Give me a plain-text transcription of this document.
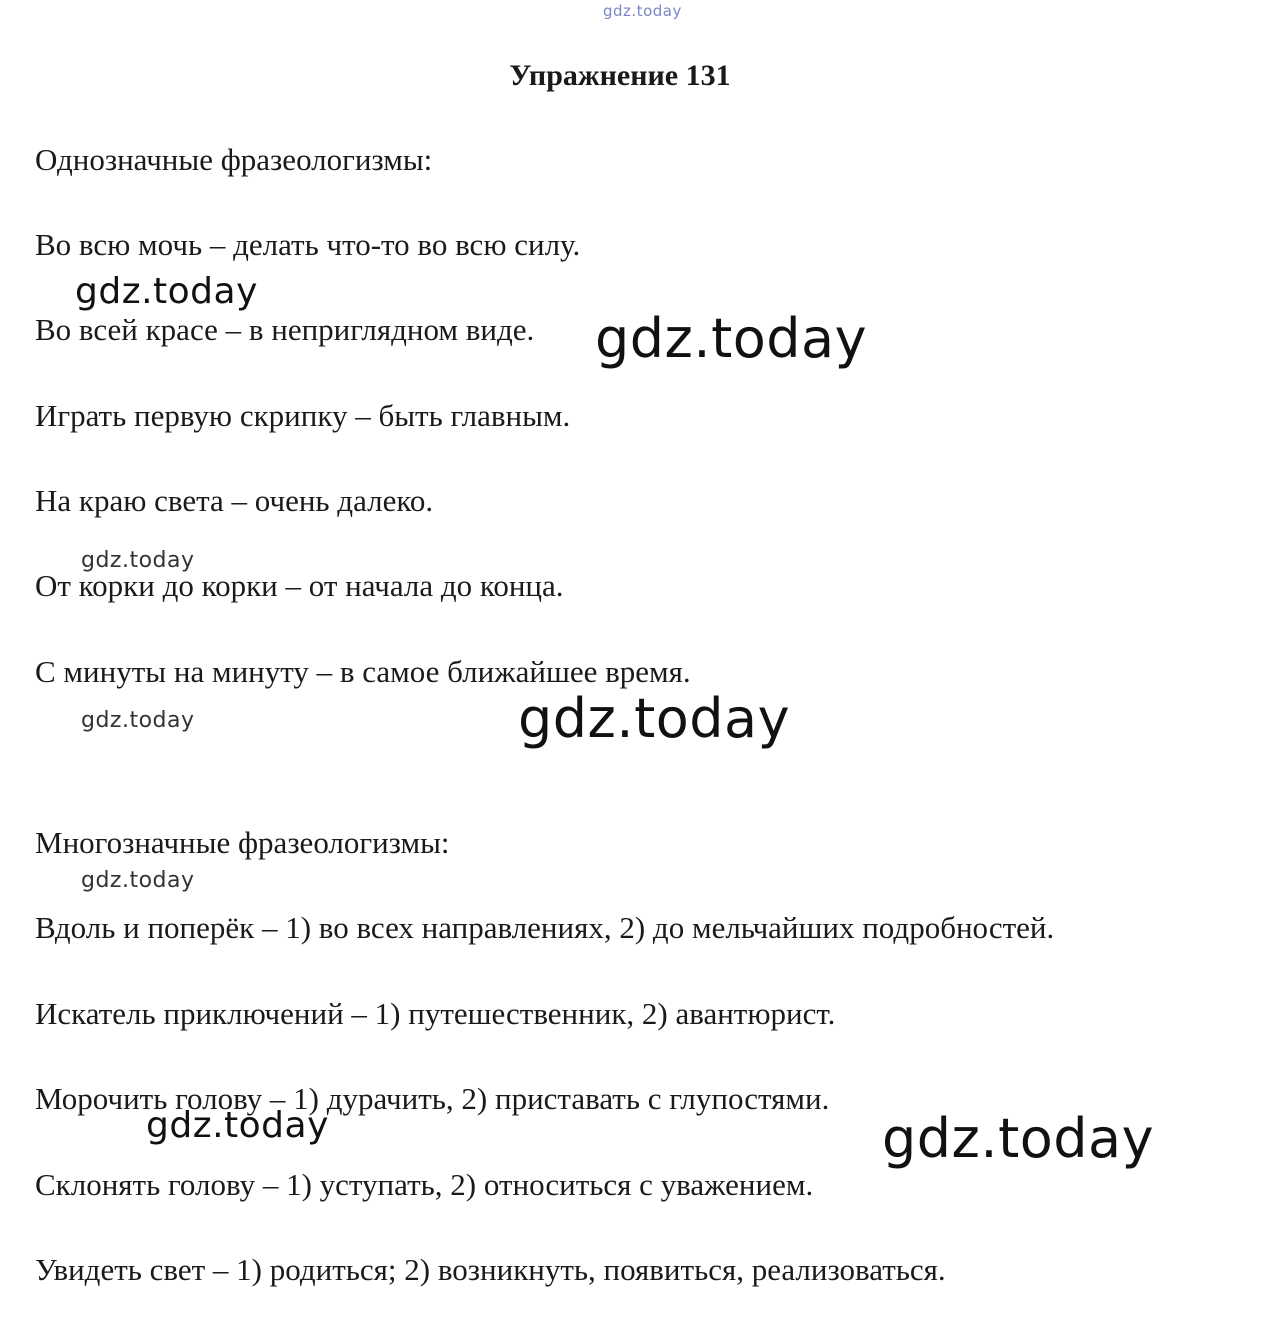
gdz.today
Упражнение 131
Однозначные фразеологизмы:
Во всю мочь – делать что-то во всю силу.
Во всей красе – в неприглядном виде.
Играть первую скрипку – быть главным.
На краю света – очень далеко.
От корки до корки – от начала до конца.
С минуты на минуту – в самое ближайшее время.
Многозначные фразеологизмы:
Вдоль и поперёк – 1) во всех направлениях, 2) до мельчайших подробностей.
Искатель приключений – 1) путешественник, 2) авантюрист.
Морочить голову – 1) дурачить, 2) приставать с глупостями.
Склонять голову – 1) уступать, 2) относиться с уважением.
Увидеть свет – 1) родиться; 2) возникнуть, появиться, реализоваться.
gdz.today
gdz.today
gdz.today
gdz.today	gdz.today
gdz.today
gdz.today	gdz.today
